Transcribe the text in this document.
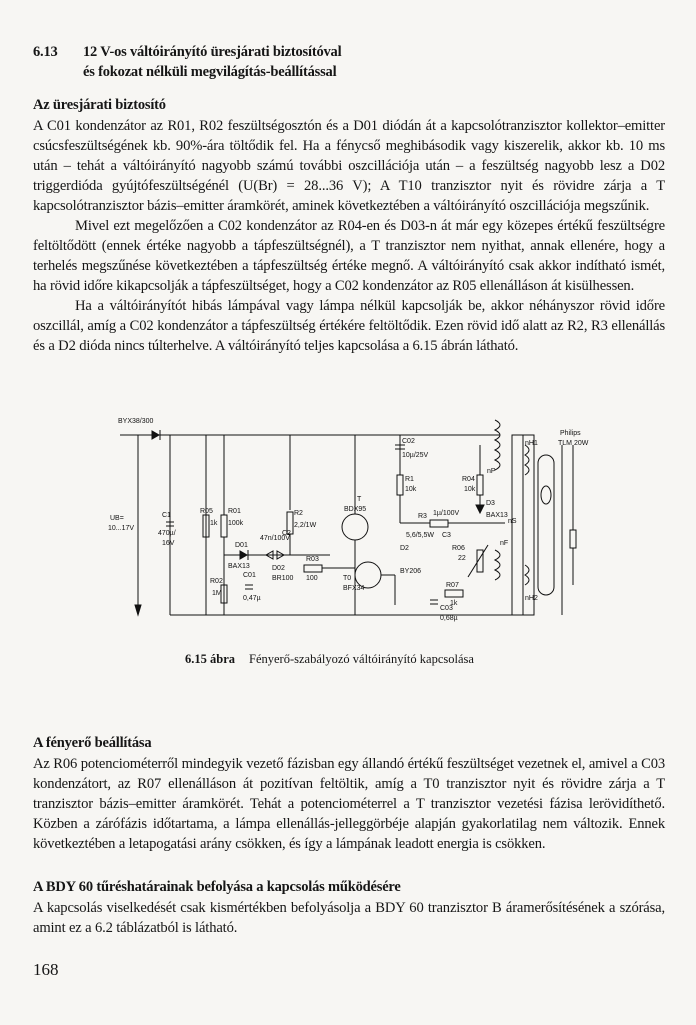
6.13 12 V-os váltóirányító üresjárati biztosítóval
és fokozat nélküli megvilágítás-beállítással
Az üresjárati biztosító

A C01 kondenzátor az R01, R02 feszültségosztón és a D01 diódán át a kapcsolótranzisztor kollektor–emitter csúcsfeszültségének kb. 90%-ára töltődik fel. Ha a fénycső meghibásodik vagy kiszerelik, akkor kb. 10 ms után – tehát a váltóirányító nagyobb számú további oszcillációja után – a feszültség nagyobb lesz a D02 triggerdióda gyújtófeszültségénél (U(Br) = 28...36 V); A T10 tranzisztor nyit és rövidre zárja a T kapcsolótranzisztor bázis–emitter áramkörét, aminek következtében a váltóirányító oszcillációja megszűnik.

Mivel ezt megelőzően a C02 kondenzátor az R04-en és D03-n át már egy közepes értékű feszültségre feltöltődött (ennek értéke nagyobb a tápfeszültségnél), a T tranzisztor nem nyithat, annak ellenére, hogy a terhelés megszűnése következtében a tápfeszültség értéke megnő. A váltóirányító csak akkor indítható ismét, ha rövid időre kikapcsolják a tápfeszültséget, hogy a C02 kondenzátor az R05 ellenálláson át kisülhessen.

Ha a váltóirányítót hibás lámpával vagy lámpa nélkül kapcsolják be, akkor néhányszor rövid időre oszcillál, amíg a C02 kondenzátor a tápfeszültség értékére feltöltődik. Ezen rövid idő alatt az R2, R3 ellenállás és a D2 dióda nincs túlterhelve. A váltóirányító teljes kapcsolása a 6.15 ábrán látható.

BYX38/300
UB=
10...17V
C1
470µ/
16V
R05
1k
R01
100k
R2
2,2/1W
T
BDX95
D01
47n/100V
BAX13
R02
1M
C01
0,47µ
D02
BR100
C2
R03
100	T0
BFX34
C02
10µ/25V
R1
10k
R04
10k
nP
D3
BAX13
R3 1µ/100V
5,6/5,5W C3
D2
BY206
R06
22
R07
1k
C03
0,68µ
nF
nH1
nH2
nS
Philips
TLM 20W
6.15 ábra Fényerő-szabályozó váltóirányító kapcsolása
A fényerő beállítása

Az R06 potenciométerről mindegyik vezető fázisban egy állandó értékű feszültséget vezetnek el, amivel a C03 kondenzátort, az R07 ellenálláson át pozitívan feltöltik, amíg a T0 tranzisztor nyit és rövidre zárja a T tranzisztor bázis–emitter áramkörét. Tehát a potenciométerrel a T tranzisztor vezetési fázisa lerövidíthető. Közben a zárófázis időtartama, a lámpa ellenállás-jelleggörbéje alapján gyakorlatilag nem változik. Ennek következtében a letapogatási arány csökken, és így a lámpának leadott energia is csökken.

A BDY 60 tűréshatárainak befolyása a kapcsolás működésére

A kapcsolás viselkedését csak kismértékben befolyásolja a BDY 60 tranzisztor B áramerősítésének a szórása, amint ez a 6.2 táblázatból is látható.

168
